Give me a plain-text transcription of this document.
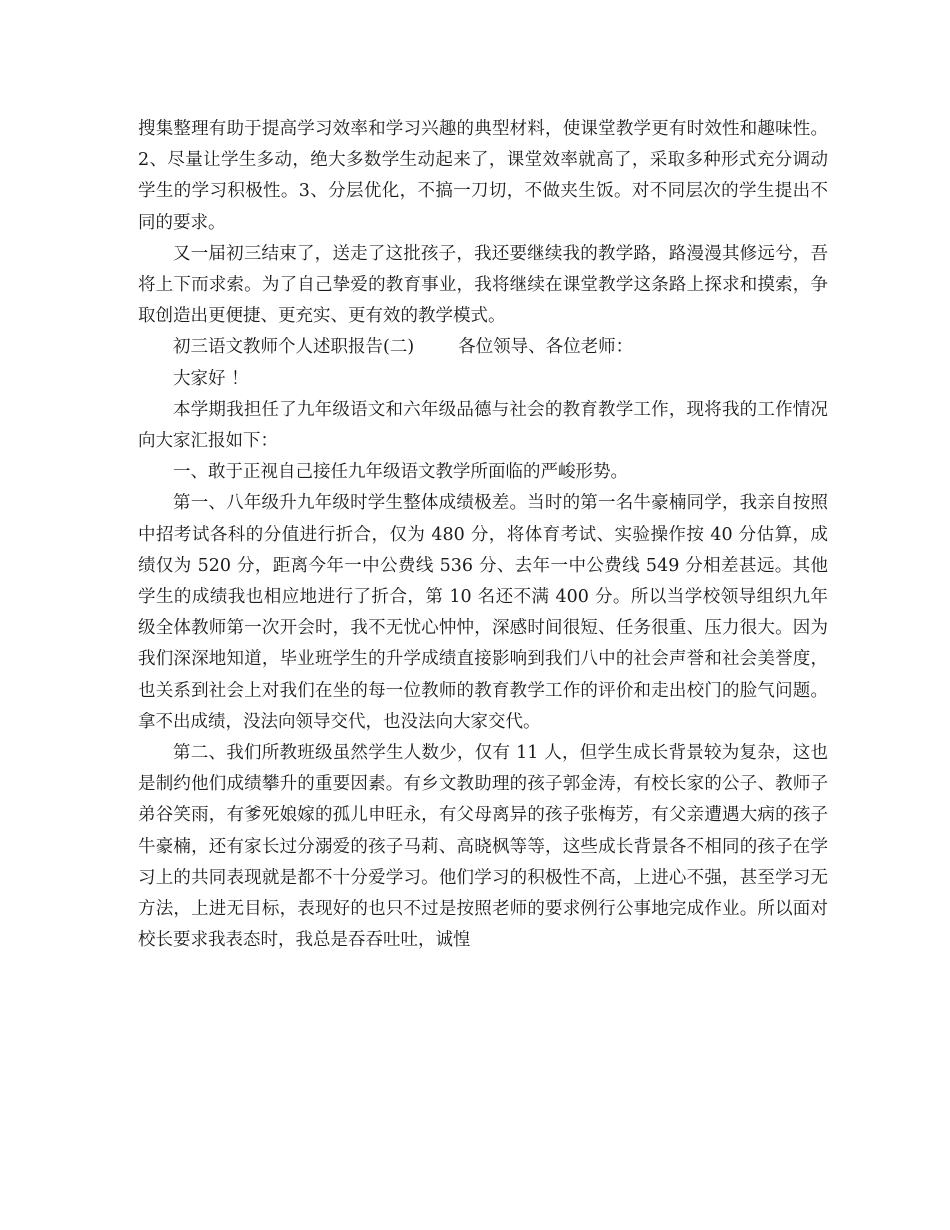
搜集整理有助于提高学习效率和学习兴趣的典型材料，使课堂教学更有时效性和趣味性。2、尽量让学生多动，绝大多数学生动起来了，课堂效率就高了，采取多种形式充分调动学生的学习积极性。3、分层优化，不搞一刀切，不做夹生饭。对不同层次的学生提出不同的要求。

又一届初三结束了，送走了这批孩子，我还要继续我的教学路，路漫漫其修远兮，吾将上下而求索。为了自己挚爱的教育事业，我将继续在课堂教学这条路上探求和摸索，争取创造出更便捷、更充实、更有效的教学模式。

初三语文教师个人述职报告(二)	各位领导、各位老师：

大家好 ！

本学期我担任了九年级语文和六年级品德与社会的教育教学工作，现将我的工作情况向大家汇报如下：

一、敢于正视自己接任九年级语文教学所面临的严峻形势。

第一、八年级升九年级时学生整体成绩极差。当时的第一名牛豪楠同学，我亲自按照中招考试各科的分值进行折合，仅为 480 分，将体育考试、实验操作按 40 分估算，成绩仅为 520 分，距离今年一中公费线 536 分、去年一中公费线 549 分相差甚远。其他学生的成绩我也相应地进行了折合，第 10 名还不满 400 分。所以当学校领导组织九年级全体教师第一次开会时，我不无忧心忡忡，深感时间很短、任务很重、压力很大。因为我们深深地知道，毕业班学生的升学成绩直接影响到我们八中的社会声誉和社会美誉度，也关系到社会上对我们在坐的每一位教师的教育教学工作的评价和走出校门的脸气问题。拿不出成绩，没法向领导交代，也没法向大家交代。

第二、我们所教班级虽然学生人数少，仅有 11 人，但学生成长背景较为复杂，这也是制约他们成绩攀升的重要因素。有乡文教助理的孩子郭金涛，有校长家的公子、教师子弟谷笑雨，有爹死娘嫁的孤儿申旺永，有父母离异的孩子张梅芳，有父亲遭遇大病的孩子牛豪楠，还有家长过分溺爱的孩子马莉、高晓枫等等，这些成长背景各不相同的孩子在学习上的共同表现就是都不十分爱学习。他们学习的积极性不高，上进心不强，甚至学习无方法，上进无目标，表现好的也只不过是按照老师的要求例行公事地完成作业。所以面对校长要求我表态时，我总是吞吞吐吐，诚惶
